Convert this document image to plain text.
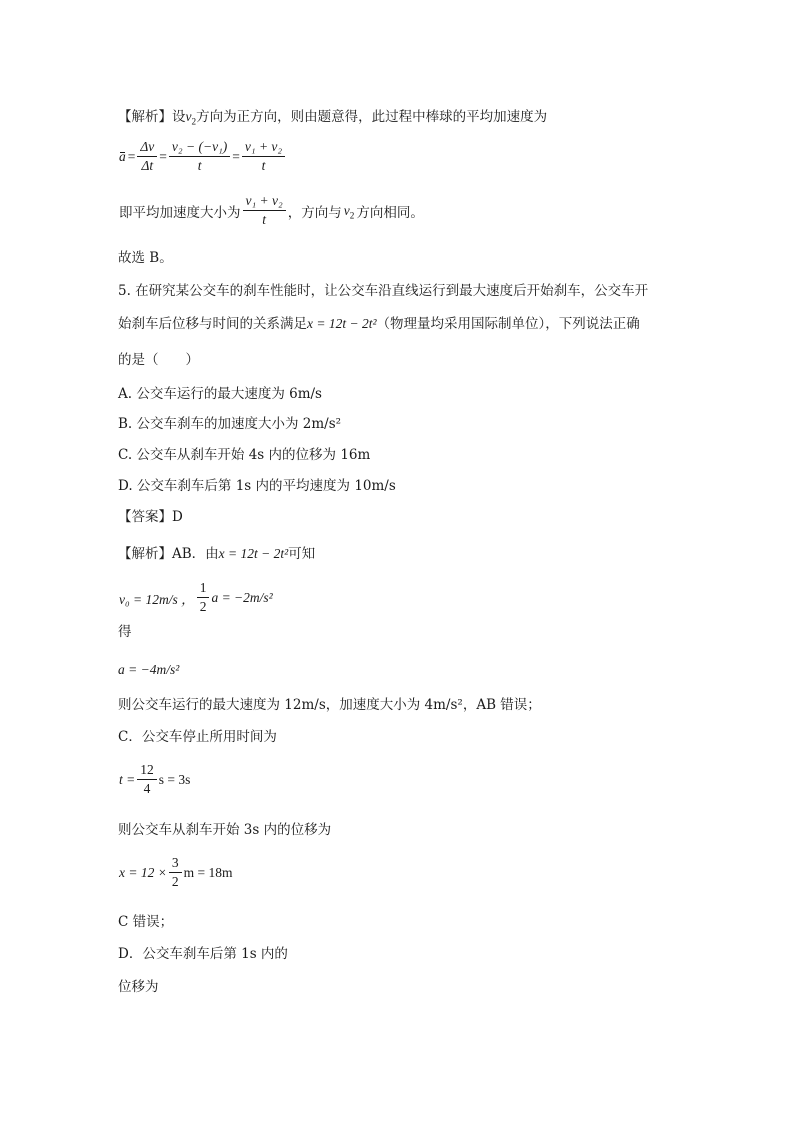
【解析】设$v_2$方向为正方向，则由题意得，此过程中棒球的平均加速度为
$a = \frac{\Delta v}{\Delta t} = \frac{\text{v₂ − (−v₁)}}{t} = \frac{\text{v₁ + v₂}}{t}$
即平均加速度大小为 $\frac{\text{v₁ + v₂}}{t}$ ，方向与 $v_2$ 方向相同。
故选 B。
5. 在研究某公交车的刹车性能时，让公交车沿直线运行到最大速度后开始刹车，公交车开
始刹车后位移与时间的关系满足x = 12t − 2t²（物理量均采用国际制单位），下列说法正确
的是（　　）
A. 公交车运行的最大速度为 6m/s
B. 公交车刹车的加速度大小为 2m/s²
C. 公交车从刹车开始 4s 内的位移为 16m
D. 公交车刹车后第 1s 内的平均速度为 10m/s
【答案】D
【解析】AB．由x = 12t − 2t²可知
v₀ = 12m/s ， $\frac{1}{2}$ a = −2m/s²
得
a = −4m/s²
则公交车运行的最大速度为 12m/s，加速度大小为 4m/s²，AB 错误；
C．公交车停止所用时间为
$t = \frac{12}{4}$ s = 3s
则公交车从刹车开始 3s 内的位移为
$x = 12 \times \frac{3}{2}$ m = 18m
C 错误；
D．公交车刹车后第 1s 内的
位移为
